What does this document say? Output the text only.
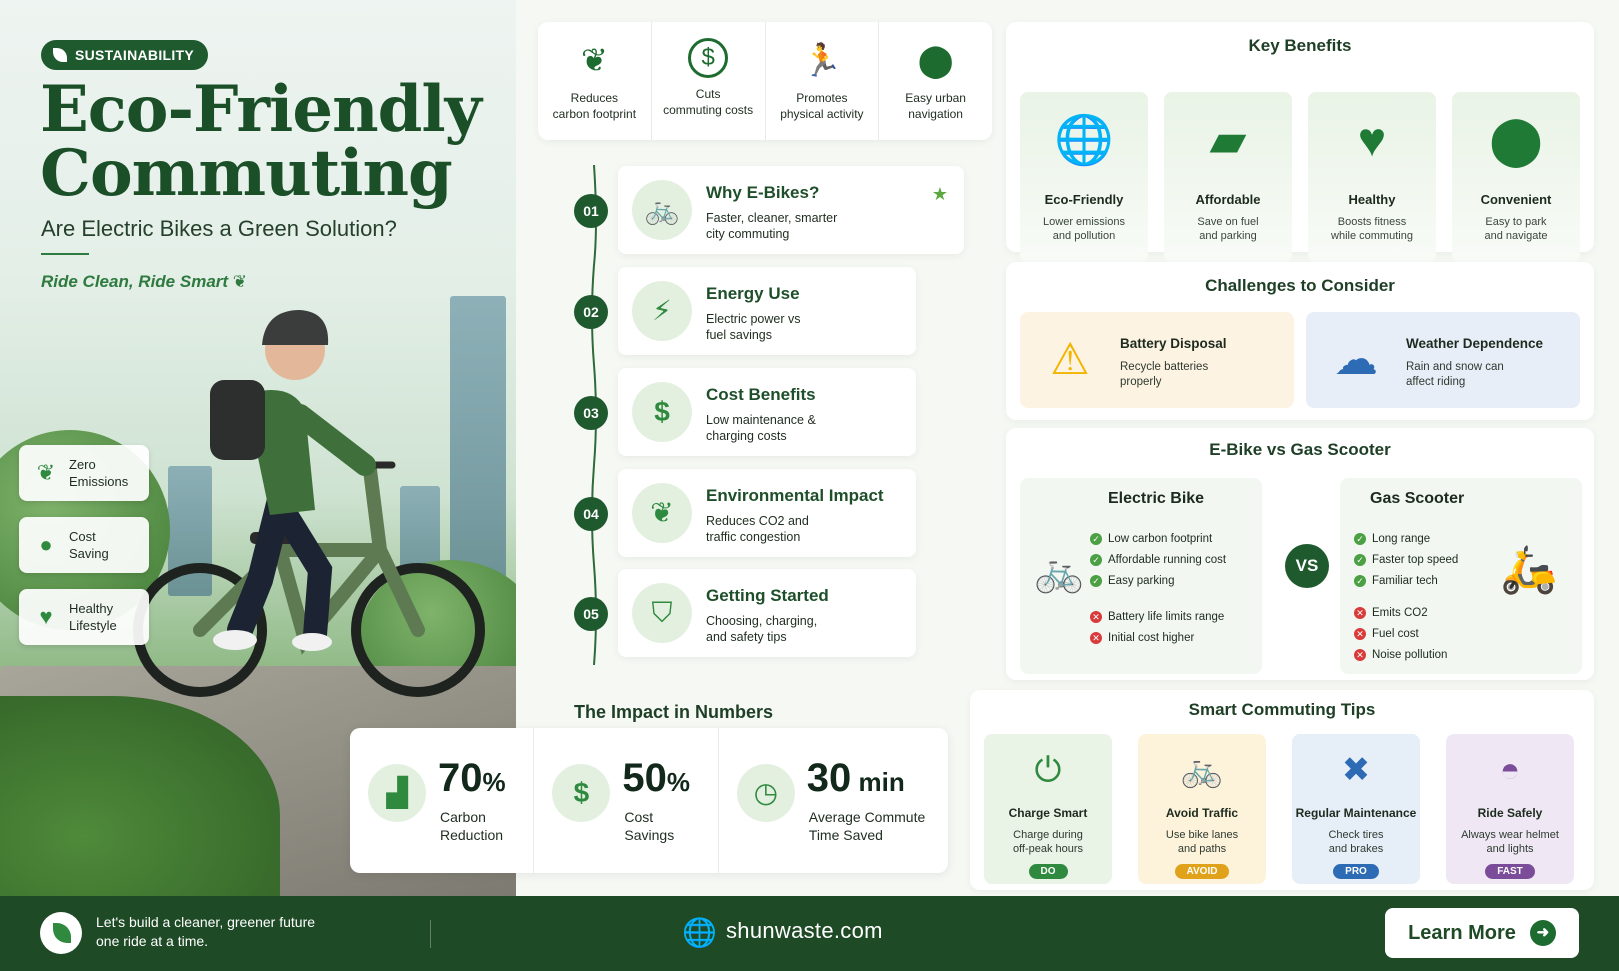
SUSTAINABILITY
Eco-Friendly
Commuting
Are Electric Bikes a Green Solution?
Ride Clean, Ride Smart ❦
❦ Zero
Emissions
●	Cost
Saving
♥	Healthy
Lifestyle
❦
Reduces
carbon footprint
$
Cuts
commuting costs
🏃
Promotes
physical activity
⬤
Easy urban
navigation
01	🚲
Why E-Bikes?
Faster, cleaner, smarter
city commuting
★
02	⚡
Energy Use
Electric power vs
fuel savings
03	$
Cost Benefits
Low maintenance &
charging costs
04	❦
Environmental Impact
Reduces CO2 and
traffic congestion
05	⛉
Getting Started
Choosing, charging,
and safety tips
The Impact in Numbers
▟ 70%
Carbon
Reduction
$ 50%
Cost
Savings
◷ 30 min
Average Commute
Time Saved
Key Benefits
🌐
Eco-Friendly
Lower emissions
and pollution
▰
Affordable
Save on fuel
and parking
♥
Healthy
Boosts fitness
while commuting
⬤
Convenient
Easy to park
and navigate
Challenges to Consider
⚠	Battery Disposal
Recycle batteries
properly	☁	Weather Dependence
Rain and snow can
affect riding
E-Bike vs Gas Scooter
Electric Bike
🚲
✓ Low carbon footprint
✓ Affordable running cost
✓ Easy parking
✕ Battery life limits range
✕ Initial cost higher
VS
Gas Scooter
🛵
✓ Long range
✓ Faster top speed
✓ Familiar tech
✕ Emits CO2
✕ Fuel cost
✕ Noise pollution
Smart Commuting Tips
⏻
Charge Smart
Charge during
off-peak hours
DO
🚲
Avoid Traffic
Use bike lanes
and paths
AVOID
✖
Regular Maintenance
Check tires
and brakes
PRO
◓
Ride Safely
Always wear helmet
and lights
FAST
Let's build a cleaner, greener future
one ride at a time.	🌐 shunwaste.com	Learn More	➜
